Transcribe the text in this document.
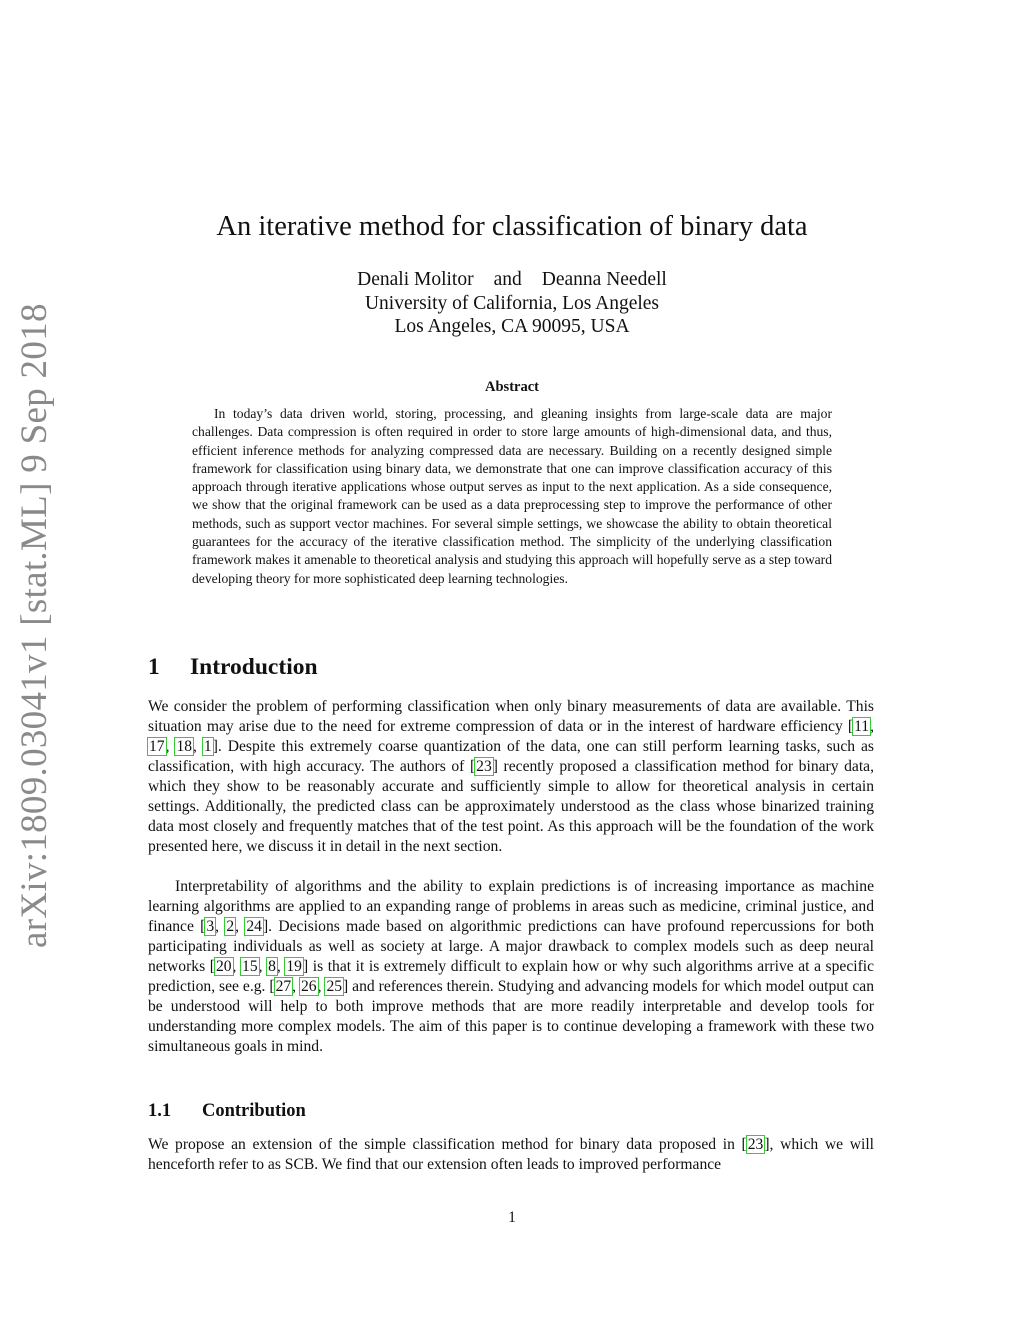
arXiv:1809.03041v1 [stat.ML] 9 Sep 2018
An iterative method for classification of binary data
Denali Molitor and Deanna Needell
University of California, Los Angeles
Los Angeles, CA 90095, USA
Abstract

In today’s data driven world, storing, processing, and gleaning insights from large-scale data are major challenges. Data compression is often required in order to store large amounts of high-dimensional data, and thus, efficient inference methods for analyzing compressed data are necessary. Building on a recently designed simple framework for classification using binary data, we demonstrate that one can improve classification accuracy of this approach through iterative applications whose output serves as input to the next application. As a side consequence, we show that the original framework can be used as a data preprocessing step to improve the performance of other methods, such as support vector machines. For several simple settings, we showcase the ability to obtain theoretical guarantees for the accuracy of the iterative classification method. The simplicity of the underlying classification framework makes it amenable to theoretical analysis and studying this approach will hopefully serve as a step toward developing theory for more sophisticated deep learning technologies.

1 Introduction

We consider the problem of performing classification when only binary measurements of data are available. This situation may arise due to the need for extreme compression of data or in the interest of hardware efficiency [11, 17, 18, 1]. Despite this extremely coarse quantization of the data, one can still perform learning tasks, such as classification, with high accuracy. The authors of [23] recently proposed a classification method for binary data, which they show to be reasonably accurate and sufficiently simple to allow for theoretical analysis in certain settings. Additionally, the predicted class can be approximately understood as the class whose binarized training data most closely and frequently matches that of the test point. As this approach will be the foundation of the work presented here, we discuss it in detail in the next section.

Interpretability of algorithms and the ability to explain predictions is of increasing importance as machine learning algorithms are applied to an expanding range of problems in areas such as medicine, criminal justice, and finance [3, 2, 24]. Decisions made based on algorithmic predictions can have profound repercussions for both participating individuals as well as society at large. A major drawback to complex models such as deep neural networks [20, 15, 8, 19] is that it is extremely difficult to explain how or why such algorithms arrive at a specific prediction, see e.g. [27, 26, 25] and references therein. Studying and advancing models for which model output can be understood will help to both improve methods that are more readily interpretable and develop tools for understanding more complex models. The aim of this paper is to continue developing a framework with these two simultaneous goals in mind.

1.1 Contribution

We propose an extension of the simple classification method for binary data proposed in [23], which we will henceforth refer to as SCB. We find that our extension often leads to improved performance

1
